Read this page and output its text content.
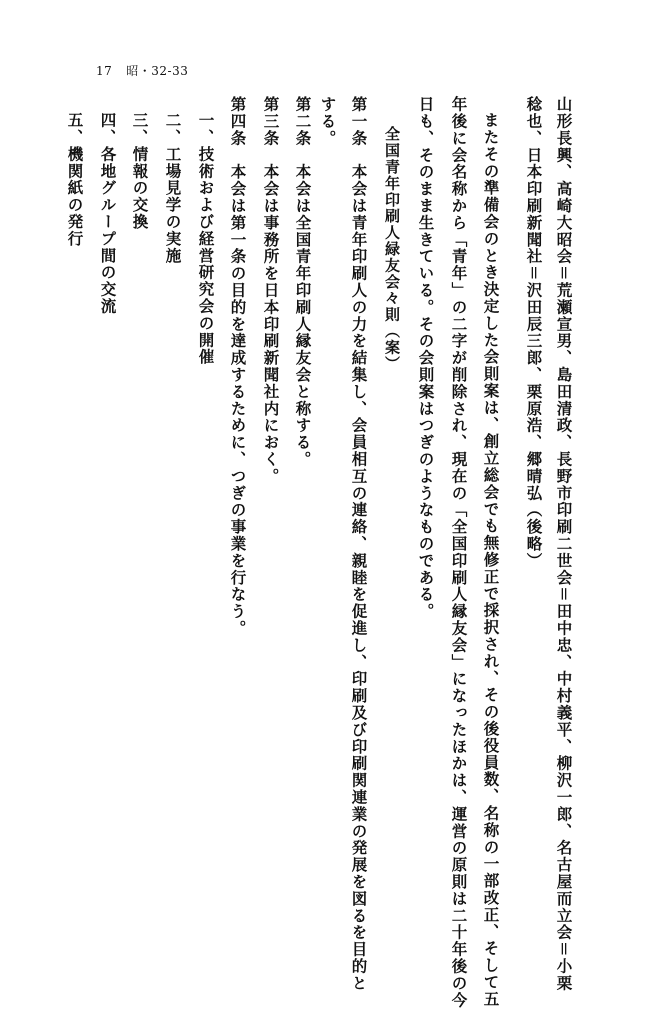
17 昭・32-33
山形長興、高崎大昭会＝荒瀬宣男、島田清政、長野市印刷二世会＝田中忠、中村義平、柳沢一郎、名古屋而立会＝小栗
稔也、日本印刷新聞社＝沢田辰三郎、栗原浩、郷晴弘（後略）
またその準備会のとき決定した会則案は、創立総会でも無修正で採択され、その後役員数、名称の一部改正、そして五
年後に会名称から「青年」の二字が削除され、現在の「全国印刷人縁友会」になったほかは、運営の原則は二十年後の今
日も、そのまま生きている。その会則案はつぎのようなものである。
全国青年印刷人緑友会々則（案）
第一条　本会は青年印刷人の力を結集し、会員相互の連絡、親睦を促進し、印刷及び印刷関連業の発展を図るを目的と
する。
第二条　本会は全国青年印刷人縁友会と称する。
第三条　本会は事務所を日本印刷新聞社内におく。
第四条　本会は第一条の目的を達成するために、つぎの事業を行なう。
一、技術および経営研究会の開催
二、工場見学の実施
三、情報の交換
四、各地グループ間の交流
五、機関紙の発行
